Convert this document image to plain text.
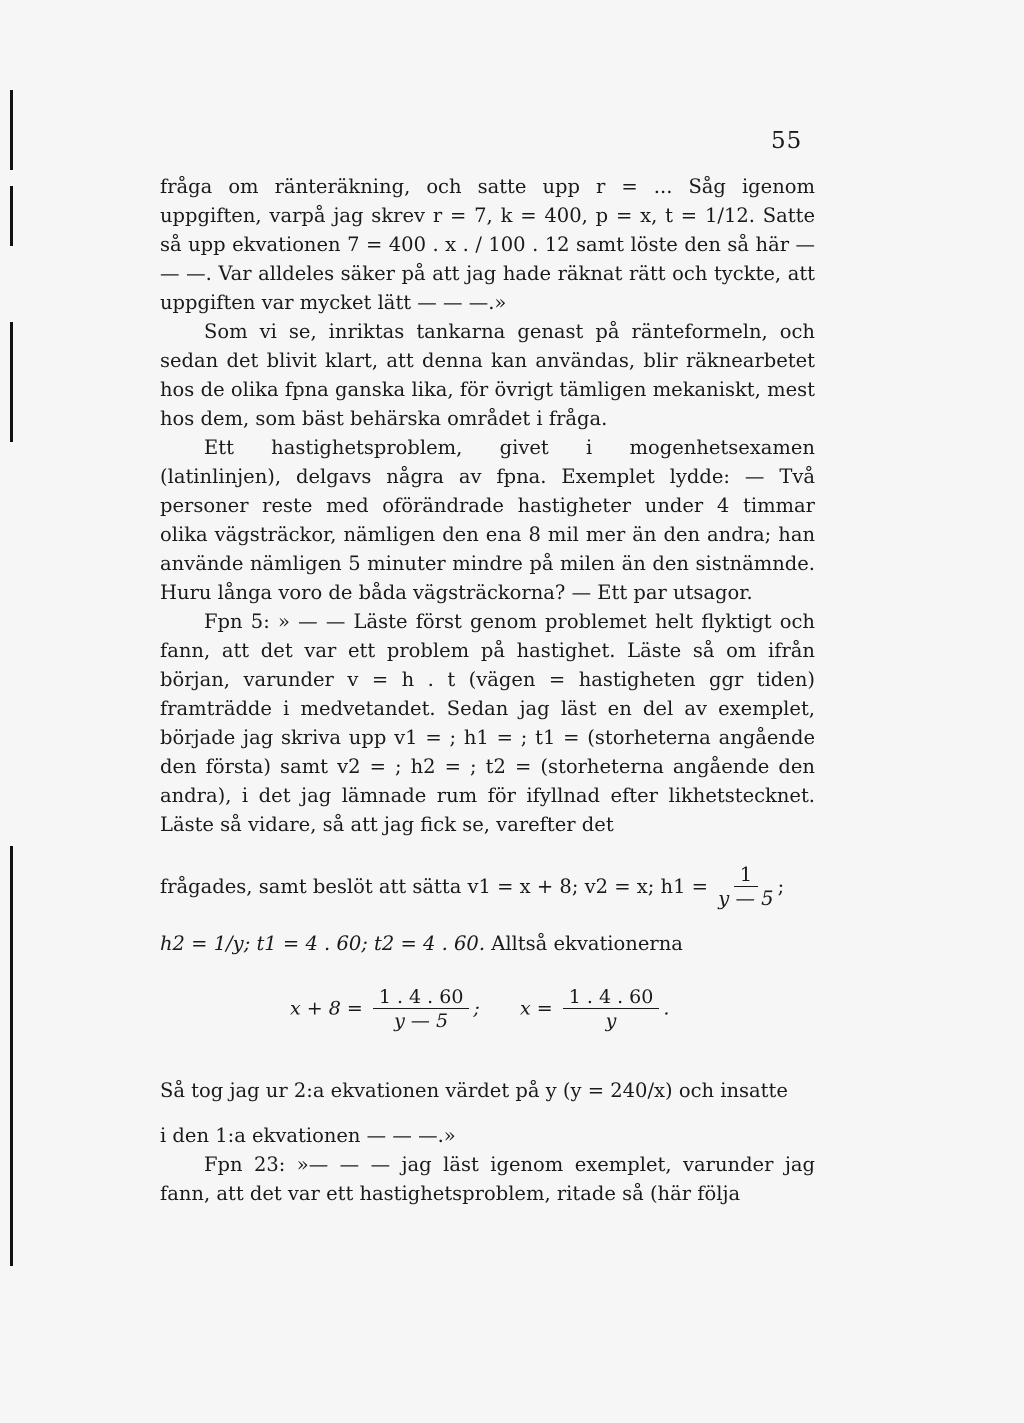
55

fråga om ränteräkning, och satte upp r = ... Såg igenom uppgiften, varpå jag skrev r = 7, k = 400, p = x, t = 1/12. Satte så upp ekvationen 7 = 400 . x . / 100 . 12 samt löste den så här — — —. Var alldeles säker på att jag hade räknat rätt och tyckte, att uppgiften var mycket lätt — — —.»

Som vi se, inriktas tankarna genast på ränteformeln, och sedan det blivit klart, att denna kan användas, blir räknearbetet hos de olika fpna ganska lika, för övrigt tämligen mekaniskt, mest hos dem, som bäst behärska området i fråga.

Ett hastighetsproblem, givet i mogenhetsexamen (latinlinjen), delgavs några av fpna. Exemplet lydde: — Två personer reste med oförändrade hastigheter under 4 timmar olika vägsträckor, nämligen den ena 8 mil mer än den andra; han använde nämligen 5 minuter mindre på milen än den sistnämnde. Huru långa voro de båda vägsträckorna? — Ett par utsagor.

Fpn 5: » — — Läste först genom problemet helt flyktigt och fann, att det var ett problem på hastighet. Läste så om ifrån början, varunder v = h . t (vägen = hastigheten ggr tiden) framträdde i medvetandet. Sedan jag läst en del av exemplet, började jag skriva upp v1 = ; h1 = ; t1 = (storheterna angående den första) samt v2 = ; h2 = ; t2 = (storheterna angående den andra), i det jag lämnade rum för ifyllnad efter likhetstecknet. Läste så vidare, så att jag fick se, varefter det

frågades, samt beslöt att sätta v1 = x + 8; v2 = x; $h1 = \frac{1}{y — 5}$ ;
h2 = 1/y; t1 = 4 . 60; t2 = 4 . 60. Alltså ekvationerna
$x + 8 = \frac{1 . 4 . 60}{y — 5}$ ; $x = \frac{1 . 4 . 60}{y}$ .

Så tog jag ur 2:a ekvationen värdet på y (y = 240/x) och insatte

i den 1:a ekvationen — — —.»

Fpn 23: »— — — jag läst igenom exemplet, varunder jag fann, att det var ett hastighetsproblem, ritade så (här följa
